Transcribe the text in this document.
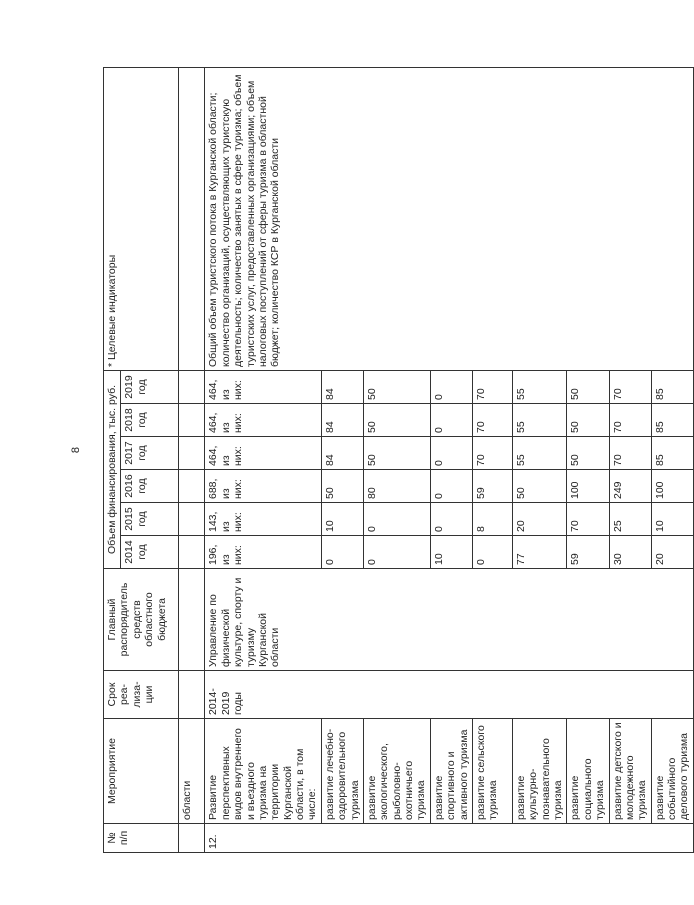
8
№ п/п	Мероприятие	Срок реа-лиза-ции	Главный распорядитель средств областного бюджета	Объем финансирования, тыс. руб.						* Целевые индикаторы
				2014 год	2015 год	2016 год	2017 год	2018 год	2019 год	
	области									
12.	Развитие перспективных видов внутреннего и въездного туризма на территории Курганской области, в том числе:	2014-2019 годы	Управление по физической культуре, спорту и туризму Курганской области	196, из них:	143, из них:	688, из них:	464, из них:	464, из них:	464, из них:	Общий объем туристского потока в Курганской области; количество организаций, осуществляющих туристскую деятельность; количество занятых в сфере туризма; объем туристских услуг, предоставленных организациями; объем налоговых поступлений от сферы туризма в областной бюджет; количество КСР в Курганской области
	развитие лечебно-оздоровительного туризма			0	10	50	84	84	84	
	развитие экологического, рыболовно-охотничьего туризма			0	0	80	50	50	50	
	развитие спортивного и активного туризма			10	0	0	0	0	0	
	развитие сельского туризма			0	8	59	70	70	70	
	развитие культурно-познавательного туризма			77	20	50	55	55	55	
	развитие социального туризма			59	70	100	50	50	50	
	развитие детского и молодежного туризма			30	25	249	70	70	70	
	развитие событийного делового туризма			20	10	100	85	85	85	
